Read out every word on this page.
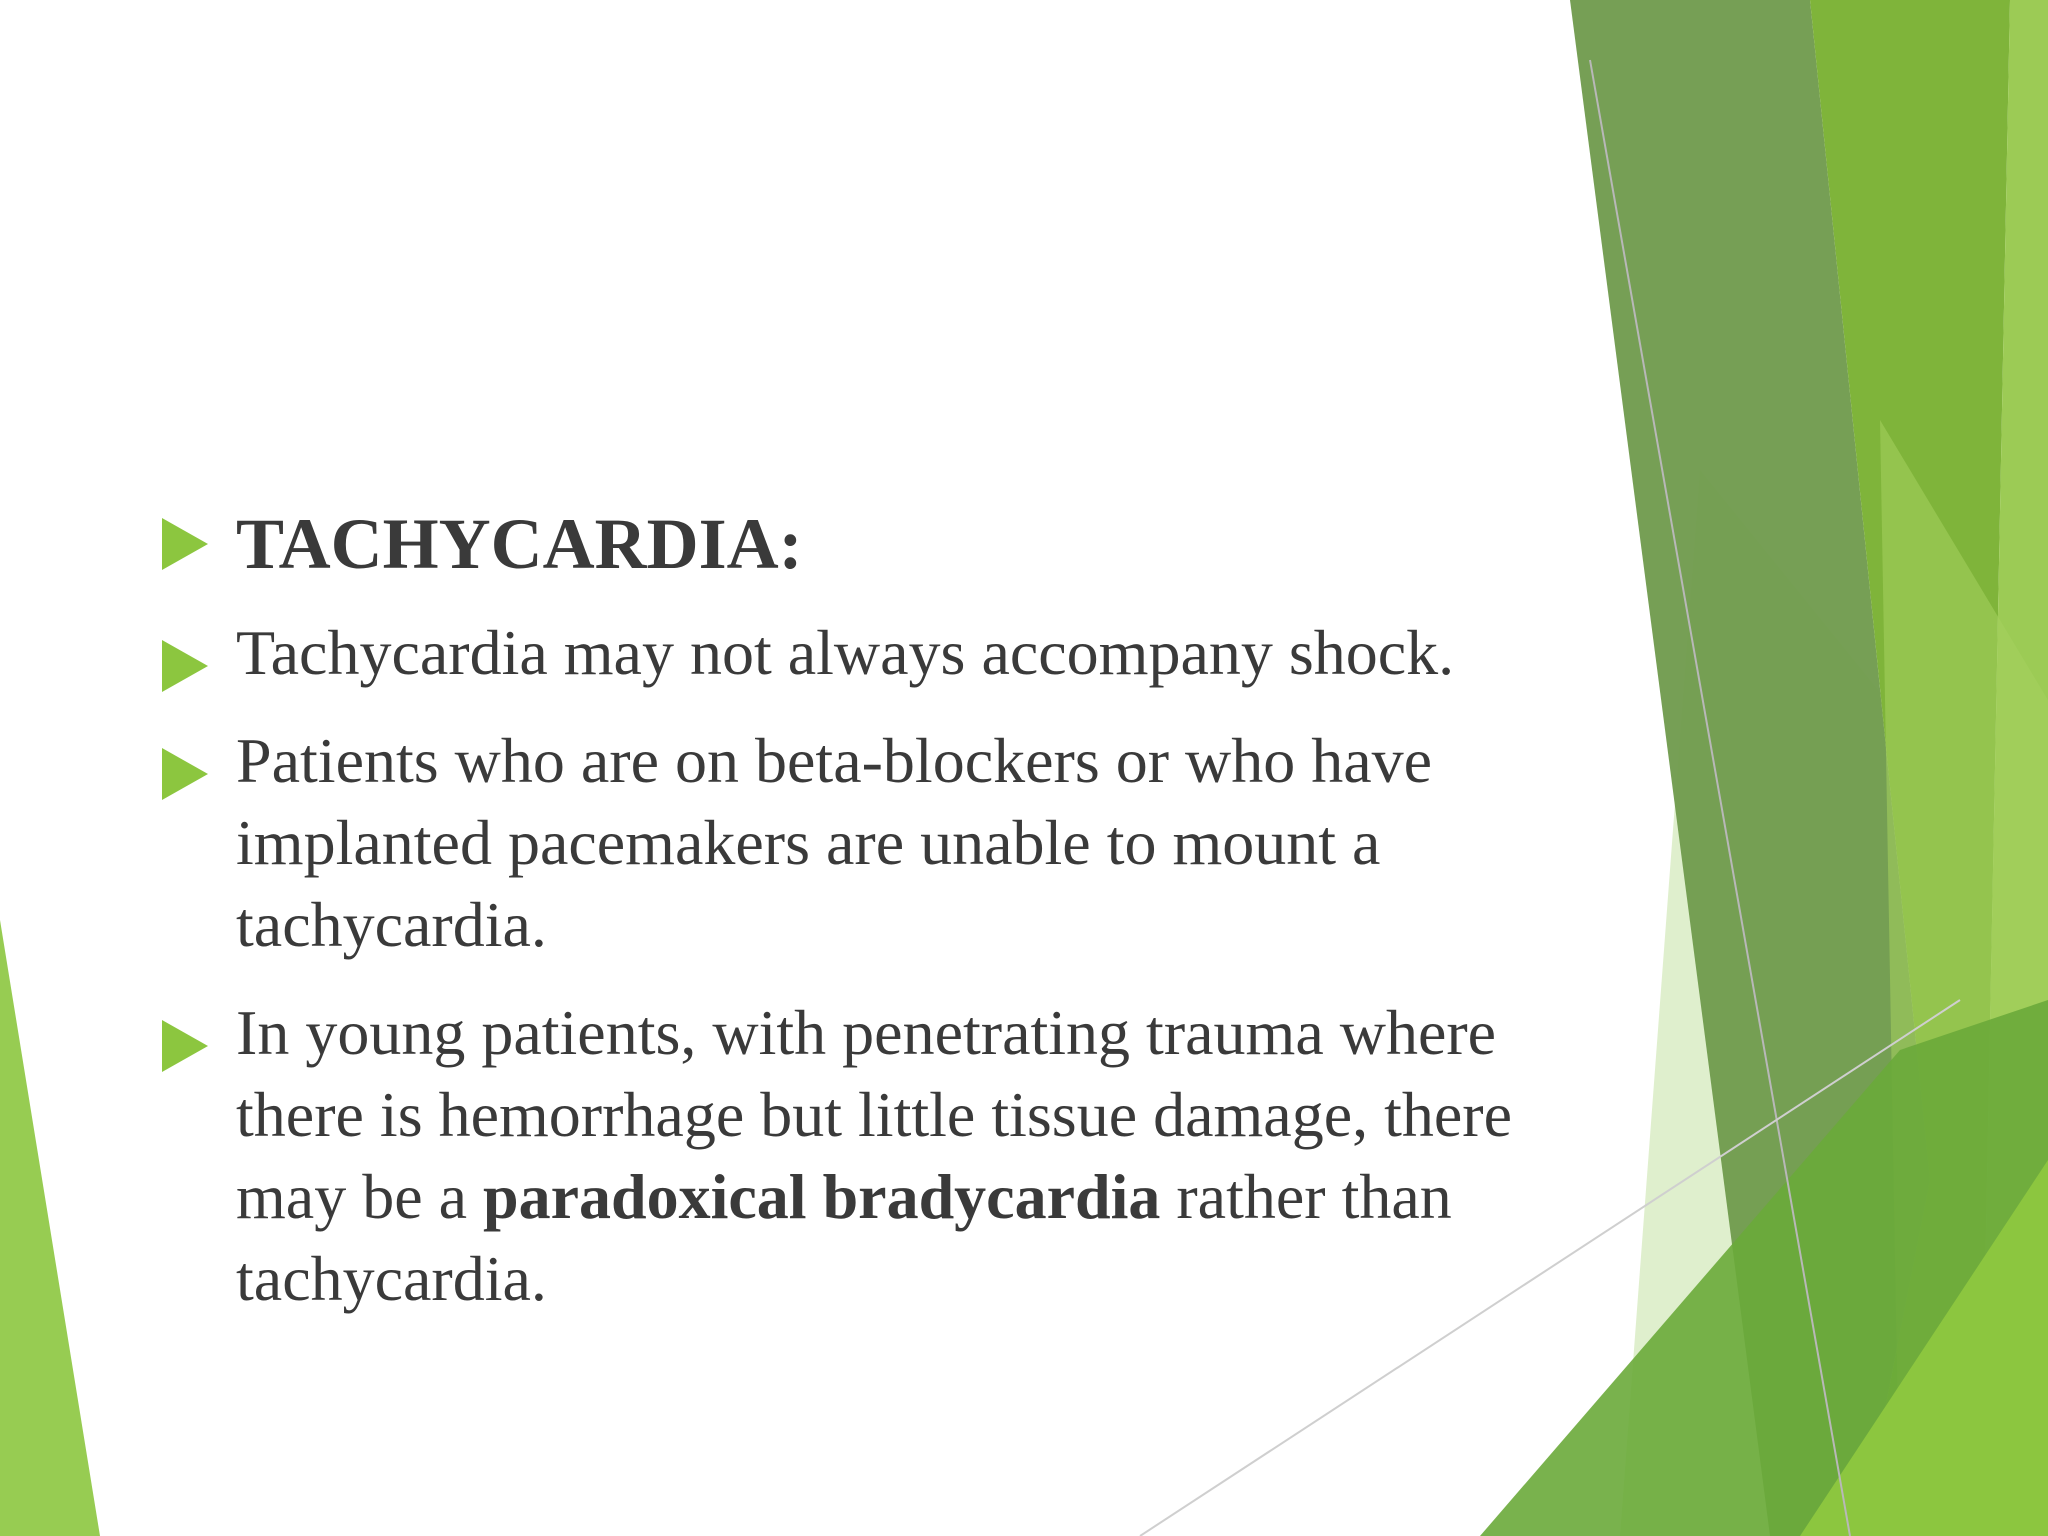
TACHYCARDIA:
Tachycardia may not always accompany shock.
Patients who are on beta-blockers or who have implanted pacemakers are unable to mount a tachycardia.
In young patients, with penetrating trauma where there is hemorrhage but little tissue damage, there may be a paradoxical bradycardia rather than tachycardia.
